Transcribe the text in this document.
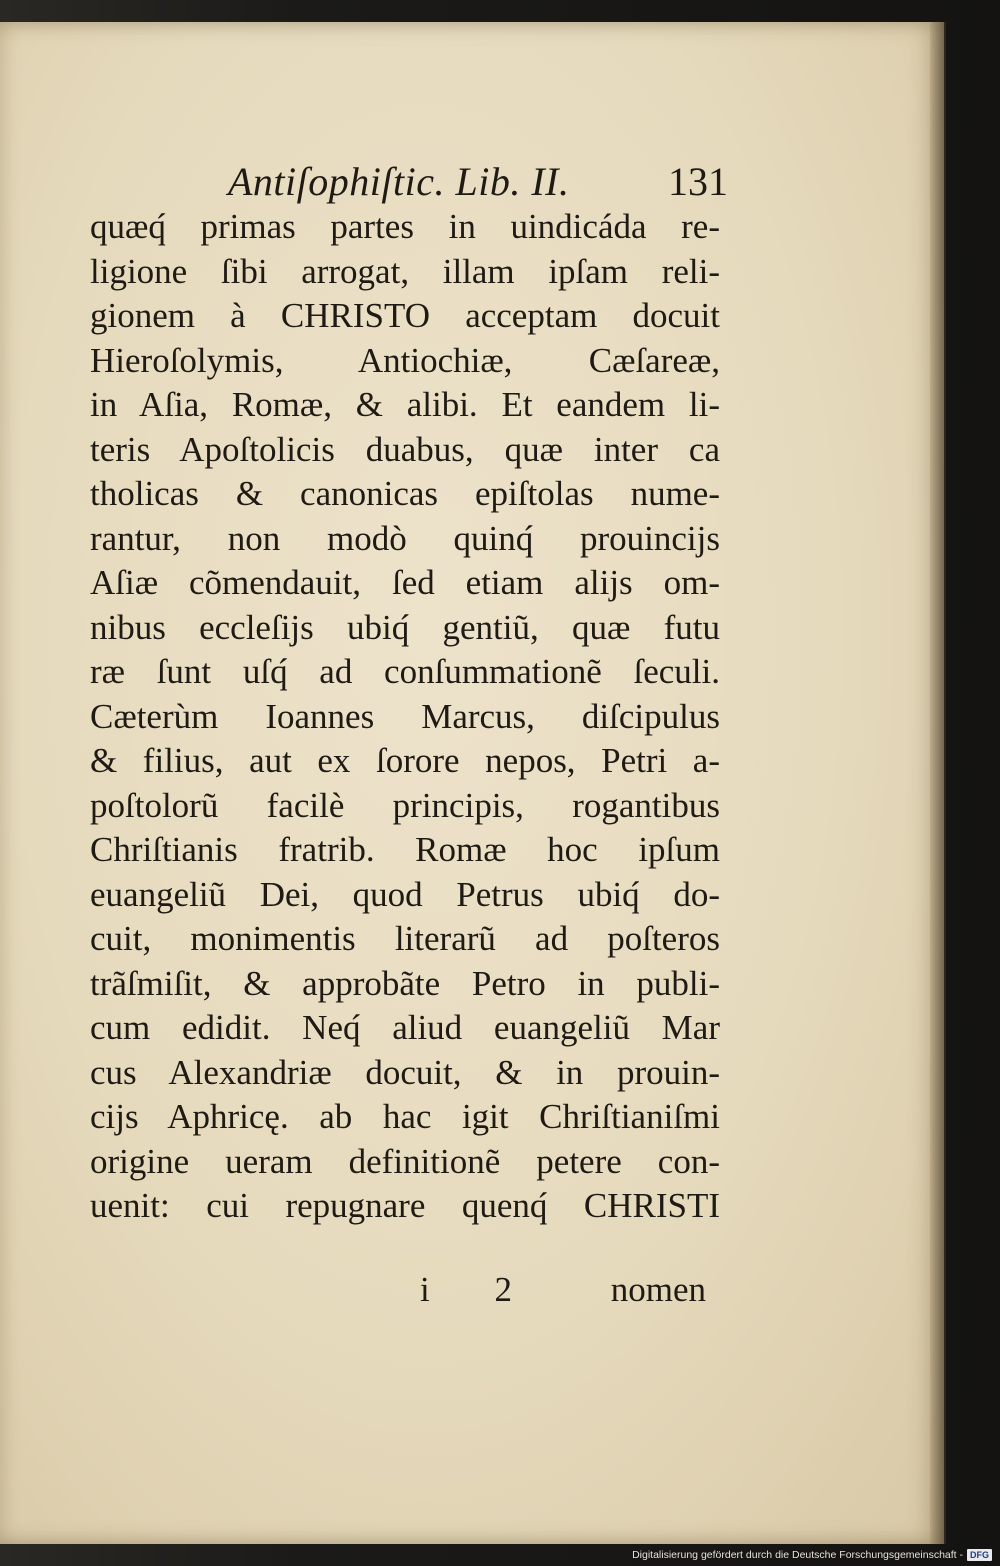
Antiſophiſtic. Lib. II. 131
quæq́ primas partes in uindicáda re-
ligione ſibi arrogat, illam ipſam reli-
gionem à CHRISTO acceptam docuit
Hieroſolymis, Antiochiæ, Cæſareæ,
in Aſia, Romæ, & alibi. Et eandem li-
teris Apoſtolicis duabus, quæ inter ca
tholicas & canonicas epiſtolas nume-
rantur, non modò quinq́ prouincijs
Aſiæ cõmendauit, ſed etiam alijs om-
nibus eccleſijs ubiq́ gentiũ, quæ futu
ræ ſunt uſq́ ad conſummationẽ ſeculi.
Cæterùm Ioannes Marcus, diſcipulus
& filius, aut ex ſorore nepos, Petri a-
poſtolorũ facilè principis, rogantibus
Chriſtianis fratrib. Romæ hoc ipſum
euangeliũ Dei, quod Petrus ubiq́ do-
cuit, monimentis literarũ ad poſteros
trãſmiſit, & approbãte Petro in publi-
cum edidit. Neq́ aliud euangeliũ Mar
cus Alexandriæ docuit, & in prouin-
cijs Aphricę. ab hac igit Chriſtianiſmi
origine ueram definitionẽ petere con-
uenit: cui repugnare quenq́ CHRISTI
i 2 nomen
Digitalisierung gefördert durch die Deutsche Forschungsgemeinschaft - DFG
